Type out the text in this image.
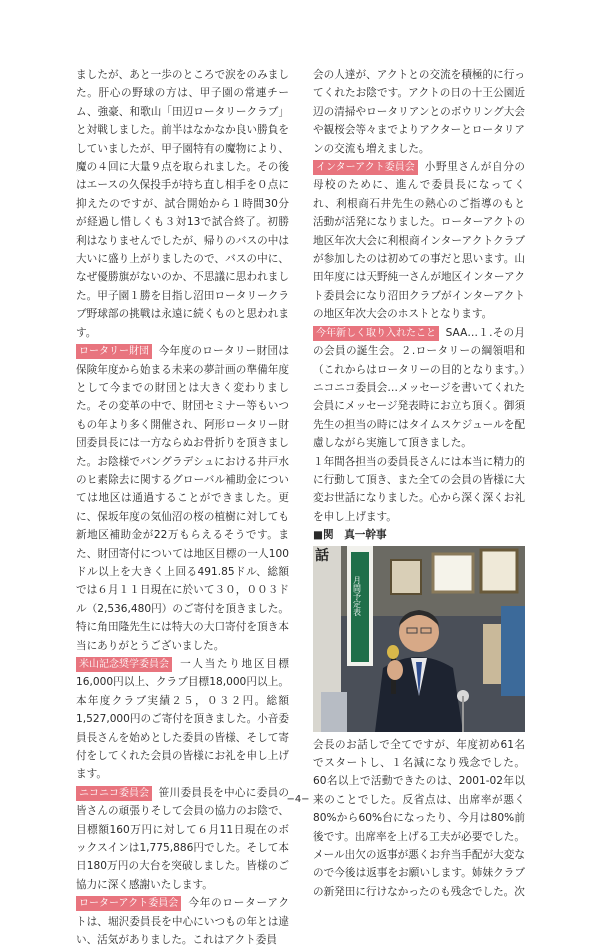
ましたが、あと一歩のところで涙をのみました。肝心の野球の方は、甲子園の常連チーム、強豪、和歌山「田辺ロータリークラブ」と対戦しました。前半はなかなか良い勝負をしていましたが、甲子園特有の魔物により、魔の４回に大量９点を取られました。その後はエースの久保投手が持ち直し相手を０点に抑えたのですが、試合開始から１時間30分が経過し惜しくも３対13で試合終了。初勝利はなりませんでしたが、帰りのバスの中は大いに盛り上がりましたので、バスの中に、なぜ優勝旗がないのか、不思議に思われました。甲子園１勝を目指し沼田ロータリークラブ野球部の挑戦は永遠に続くものと思われます。

ロータリー財団 今年度のロータリー財団は保険年度から始まる未来の夢計画の準備年度として今までの財団とは大きく変わりました。その変革の中で、財団セミナー等もいつもの年より多く開催され、阿形ロータリー財団委員長には一方ならぬお骨折りを頂きました。お陰様でバングラデシュにおける井戸水のヒ素除去に関するグローバル補助金については地区は通過することができました。更に、保坂年度の気仙沼の桜の植樹に対しても新地区補助金が22万もらえるそうです。また、財団寄付については地区目標の一人100ドル以上を大きく上回る491.85ドル、総額では６月１１日現在に於いて３０，００３ドル（2,536,480円）のご寄付を頂きました。特に角田隆先生には特大の大口寄付を頂き本当にありがとうございました。

米山記念奨学委員会 一人当たり地区目標16,000円以上、クラブ目標18,000円以上。本年度クラブ実績２５，０３２円。総額1,527,000円のご寄付を頂きました。小音委員長さんを始めとした委員の皆様、そして寄付をしてくれた会員の皆様にお礼を申し上げます。

ニコニコ委員会 笹川委員長を中心に委員の皆さんの頑張りそして会員の協力のお陰で、目標額160万円に対して６月11日現在のボックスインは1,775,886円でした。そして本日180万円の大台を突破しました。皆様のご協力に深く感謝いたします。

ローターアクト委員会 今年のローターアクトは、堀沢委員長を中心にいつもの年とは違い、活気がありました。これはアクト委員

会の人達が、アクトとの交流を積極的に行ってくれたお陰です。アクトの日の十王公園近辺の清掃やロータリアンとのボウリング大会や観桜会等々までよりアクターとロータリアンの交流も増えました。

インターアクト委員会 小野里さんが自分の母校のために、進んで委員長になってくれ、利根商石井先生の熱心のご指導のもと活動が活発になりました。ローターアクトの地区年次大会に利根商インターアクトクラブが参加したのは初めての事だと思います。山田年度には天野純一さんが地区インターアクト委員会になり沼田クラブがインターアクトの地区年次大会のホストとなります。

今年新しく取り入れたこと SAA…１.その月の会員の誕生会。２.ロータリーの綱領唱和（これからはロータリーの目的となります。）ニコニコ委員会…メッセージを書いてくれた会員にメッセージ発表時にお立ち頂く。御須先生の担当の時にはタイムスケジュールを配慮しながら実施して頂きました。

１年間各担当の委員長さんには本当に精力的に行動して頂き、また全ての会員の皆様に大変お世話になりました。心から深く深くお礼を申し上げます。

■関　真一幹事

月間予定表
話

会長のお話しで全てですが、年度初め61名でスタートし、１名減になり残念でした。60名以上で活動できたのは、2001‐02年以来のことでした。反省点は、出席率が悪く80%から60%台になったり、今月は80%前後です。出席率を上げる工夫が必要でした。メール出欠の返事が悪くお弁当手配が大変なので今後は返事をお願いします。姉妹クラブの新発田に行けなかったのも残念でした。次

−4−
